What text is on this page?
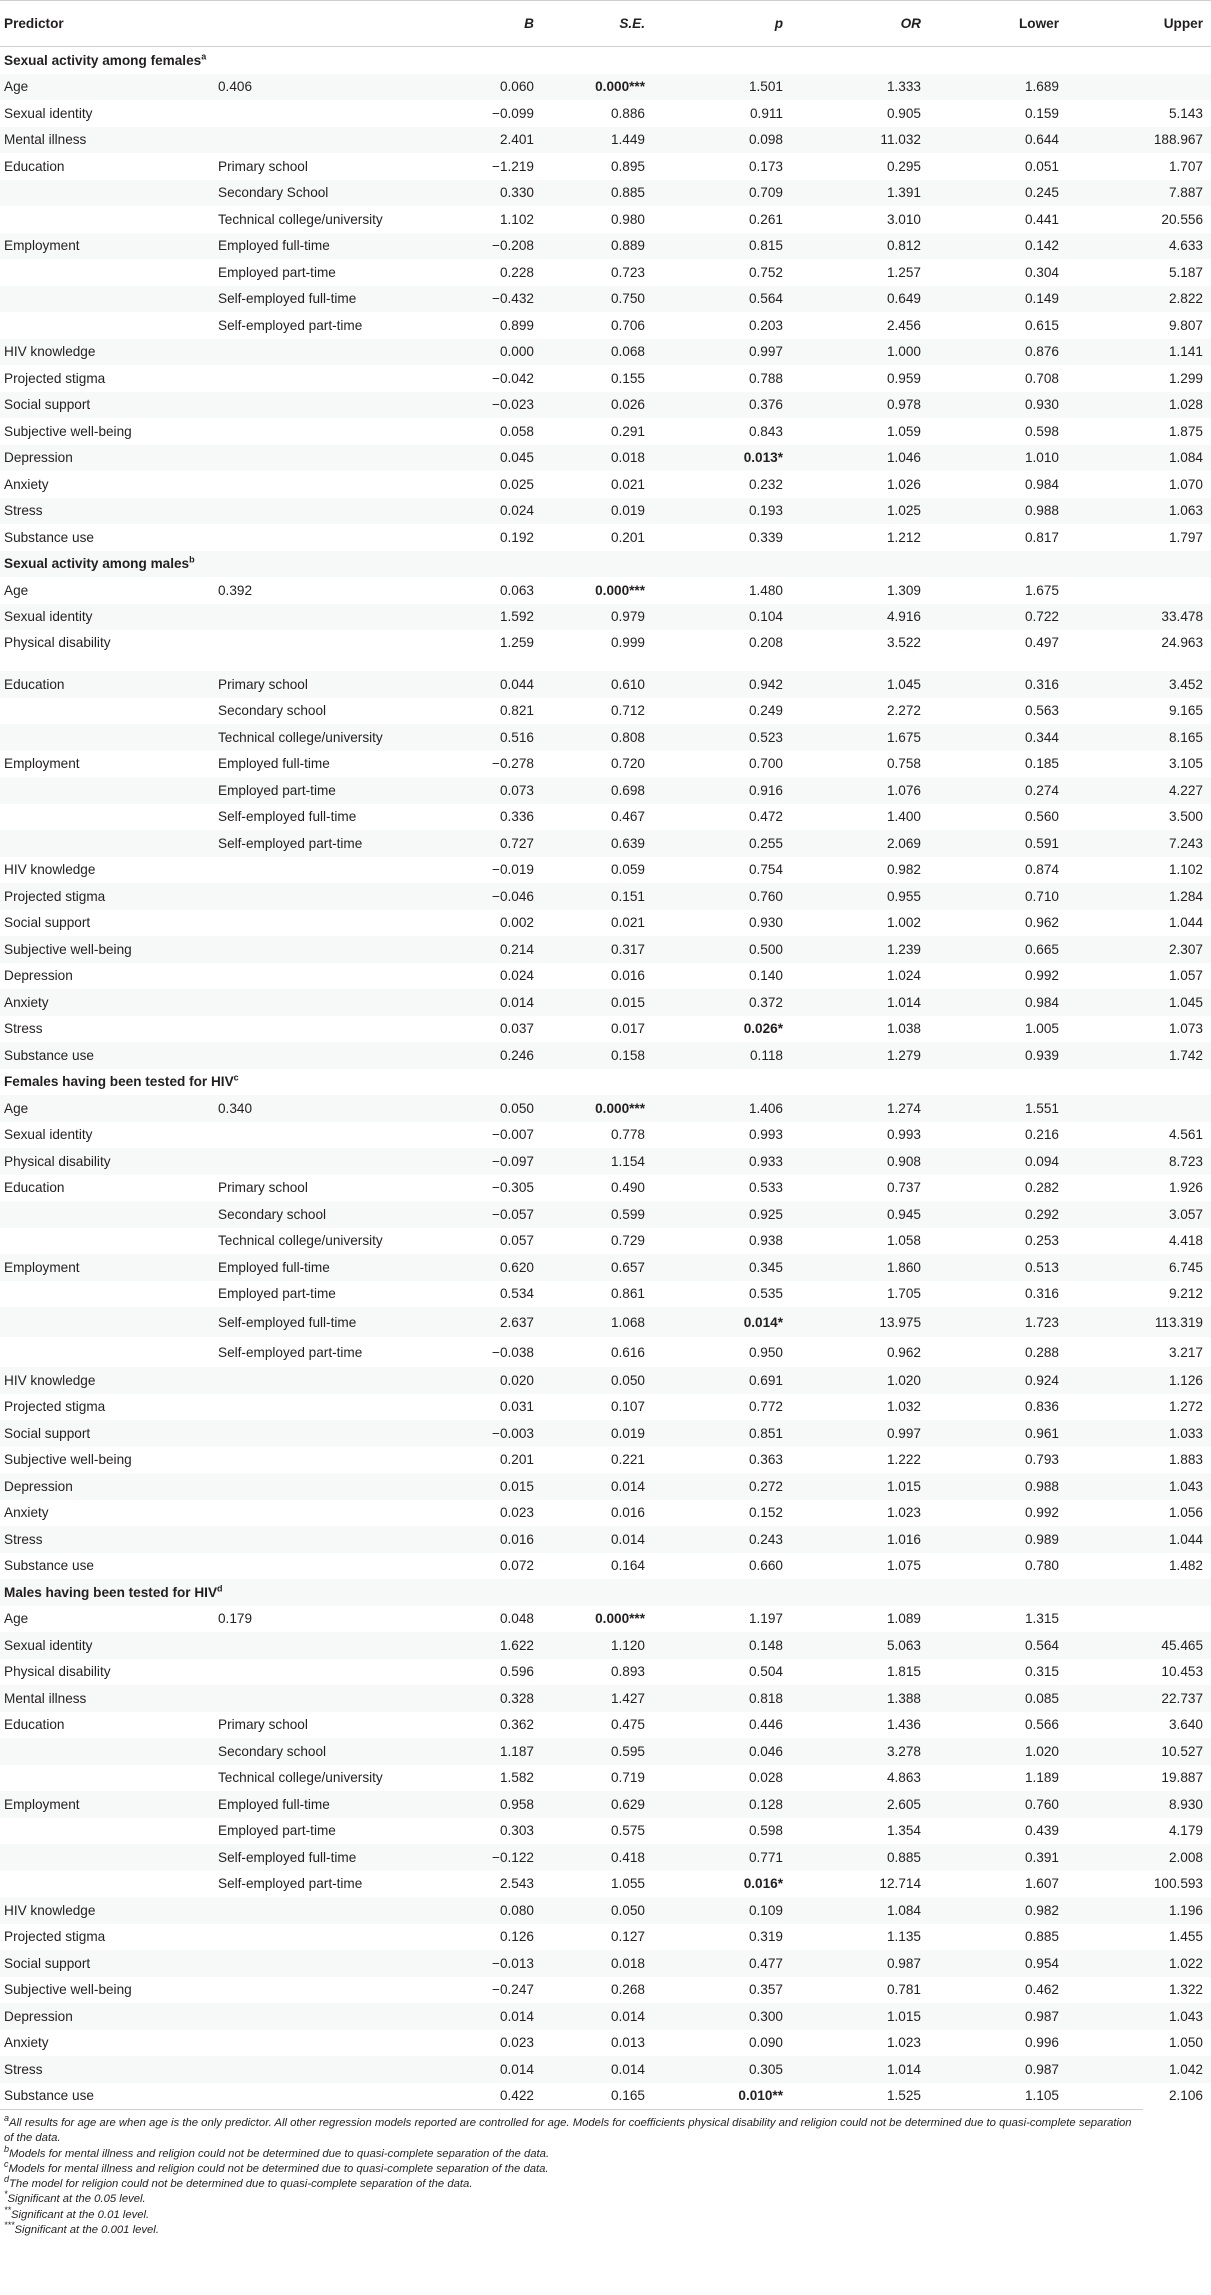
Predictor		B	S.E.	p	OR	Lower	Upper
Sexual activity among females$^a$
Age	0.406	0.060	0.000***	1.501	1.333	1.689	
Sexual identity		−0.099	0.886	0.911	0.905	0.159	5.143
Mental illness		2.401	1.449	0.098	11.032	0.644	188.967
Education	Primary school	−1.219	0.895	0.173	0.295	0.051	1.707
	Secondary School	0.330	0.885	0.709	1.391	0.245	7.887
	Technical college/university	1.102	0.980	0.261	3.010	0.441	20.556
Employment	Employed full-time	−0.208	0.889	0.815	0.812	0.142	4.633
	Employed part-time	0.228	0.723	0.752	1.257	0.304	5.187
	Self-employed full-time	−0.432	0.750	0.564	0.649	0.149	2.822
	Self-employed part-time	0.899	0.706	0.203	2.456	0.615	9.807
HIV knowledge		0.000	0.068	0.997	1.000	0.876	1.141
Projected stigma		−0.042	0.155	0.788	0.959	0.708	1.299
Social support		−0.023	0.026	0.376	0.978	0.930	1.028
Subjective well-being		0.058	0.291	0.843	1.059	0.598	1.875
Depression		0.045	0.018	0.013*	1.046	1.010	1.084
Anxiety		0.025	0.021	0.232	1.026	0.984	1.070
Stress		0.024	0.019	0.193	1.025	0.988	1.063
Substance use		0.192	0.201	0.339	1.212	0.817	1.797
Sexual activity among males$^b$
Age	0.392	0.063	0.000***	1.480	1.309	1.675	
Sexual identity		1.592	0.979	0.104	4.916	0.722	33.478
Physical disability		1.259	0.999	0.208	3.522	0.497	24.963
Education	Primary school	0.044	0.610	0.942	1.045	0.316	3.452
	Secondary school	0.821	0.712	0.249	2.272	0.563	9.165
	Technical college/university	0.516	0.808	0.523	1.675	0.344	8.165
Employment	Employed full-time	−0.278	0.720	0.700	0.758	0.185	3.105
	Employed part-time	0.073	0.698	0.916	1.076	0.274	4.227
	Self-employed full-time	0.336	0.467	0.472	1.400	0.560	3.500
	Self-employed part-time	0.727	0.639	0.255	2.069	0.591	7.243
HIV knowledge		−0.019	0.059	0.754	0.982	0.874	1.102
Projected stigma		−0.046	0.151	0.760	0.955	0.710	1.284
Social support		0.002	0.021	0.930	1.002	0.962	1.044
Subjective well-being		0.214	0.317	0.500	1.239	0.665	2.307
Depression		0.024	0.016	0.140	1.024	0.992	1.057
Anxiety		0.014	0.015	0.372	1.014	0.984	1.045
Stress		0.037	0.017	0.026*	1.038	1.005	1.073
Substance use		0.246	0.158	0.118	1.279	0.939	1.742
Females having been tested for HIV$^c$
Age	0.340	0.050	0.000***	1.406	1.274	1.551	
Sexual identity		−0.007	0.778	0.993	0.993	0.216	4.561
Physical disability		−0.097	1.154	0.933	0.908	0.094	8.723
Education	Primary school	−0.305	0.490	0.533	0.737	0.282	1.926
	Secondary school	−0.057	0.599	0.925	0.945	0.292	3.057
	Technical college/university	0.057	0.729	0.938	1.058	0.253	4.418
Employment	Employed full-time	0.620	0.657	0.345	1.860	0.513	6.745
	Employed part-time	0.534	0.861	0.535	1.705	0.316	9.212
	Self-employed full-time	2.637	1.068	0.014*	13.975	1.723	113.319
	Self-employed part-time	−0.038	0.616	0.950	0.962	0.288	3.217
HIV knowledge		0.020	0.050	0.691	1.020	0.924	1.126
Projected stigma		0.031	0.107	0.772	1.032	0.836	1.272
Social support		−0.003	0.019	0.851	0.997	0.961	1.033
Subjective well-being		0.201	0.221	0.363	1.222	0.793	1.883
Depression		0.015	0.014	0.272	1.015	0.988	1.043
Anxiety		0.023	0.016	0.152	1.023	0.992	1.056
Stress		0.016	0.014	0.243	1.016	0.989	1.044
Substance use		0.072	0.164	0.660	1.075	0.780	1.482
Males having been tested for HIV$^d$
Age	0.179	0.048	0.000***	1.197	1.089	1.315	
Sexual identity		1.622	1.120	0.148	5.063	0.564	45.465
Physical disability		0.596	0.893	0.504	1.815	0.315	10.453
Mental illness		0.328	1.427	0.818	1.388	0.085	22.737
Education	Primary school	0.362	0.475	0.446	1.436	0.566	3.640
	Secondary school	1.187	0.595	0.046	3.278	1.020	10.527
	Technical college/university	1.582	0.719	0.028	4.863	1.189	19.887
Employment	Employed full-time	0.958	0.629	0.128	2.605	0.760	8.930
	Employed part-time	0.303	0.575	0.598	1.354	0.439	4.179
	Self-employed full-time	−0.122	0.418	0.771	0.885	0.391	2.008
	Self-employed part-time	2.543	1.055	0.016*	12.714	1.607	100.593
HIV knowledge		0.080	0.050	0.109	1.084	0.982	1.196
Projected stigma		0.126	0.127	0.319	1.135	0.885	1.455
Social support		−0.013	0.018	0.477	0.987	0.954	1.022
Subjective well-being		−0.247	0.268	0.357	0.781	0.462	1.322
Depression		0.014	0.014	0.300	1.015	0.987	1.043
Anxiety		0.023	0.013	0.090	1.023	0.996	1.050
Stress		0.014	0.014	0.305	1.014	0.987	1.042
Substance use		0.422	0.165	0.010**	1.525	1.105	2.106
$^a$All results for age are when age is the only predictor. All other regression models reported are controlled for age. Models for coefficients physical disability and religion could not be determined due to quasi-complete separation of the data.
$^b$Models for mental illness and religion could not be determined due to quasi-complete separation of the data.
$^c$Models for mental illness and religion could not be determined due to quasi-complete separation of the data.
$^d$The model for religion could not be determined due to quasi-complete separation of the data.
*Significant at the 0.05 level.
**Significant at the 0.01 level.
***Significant at the 0.001 level.
